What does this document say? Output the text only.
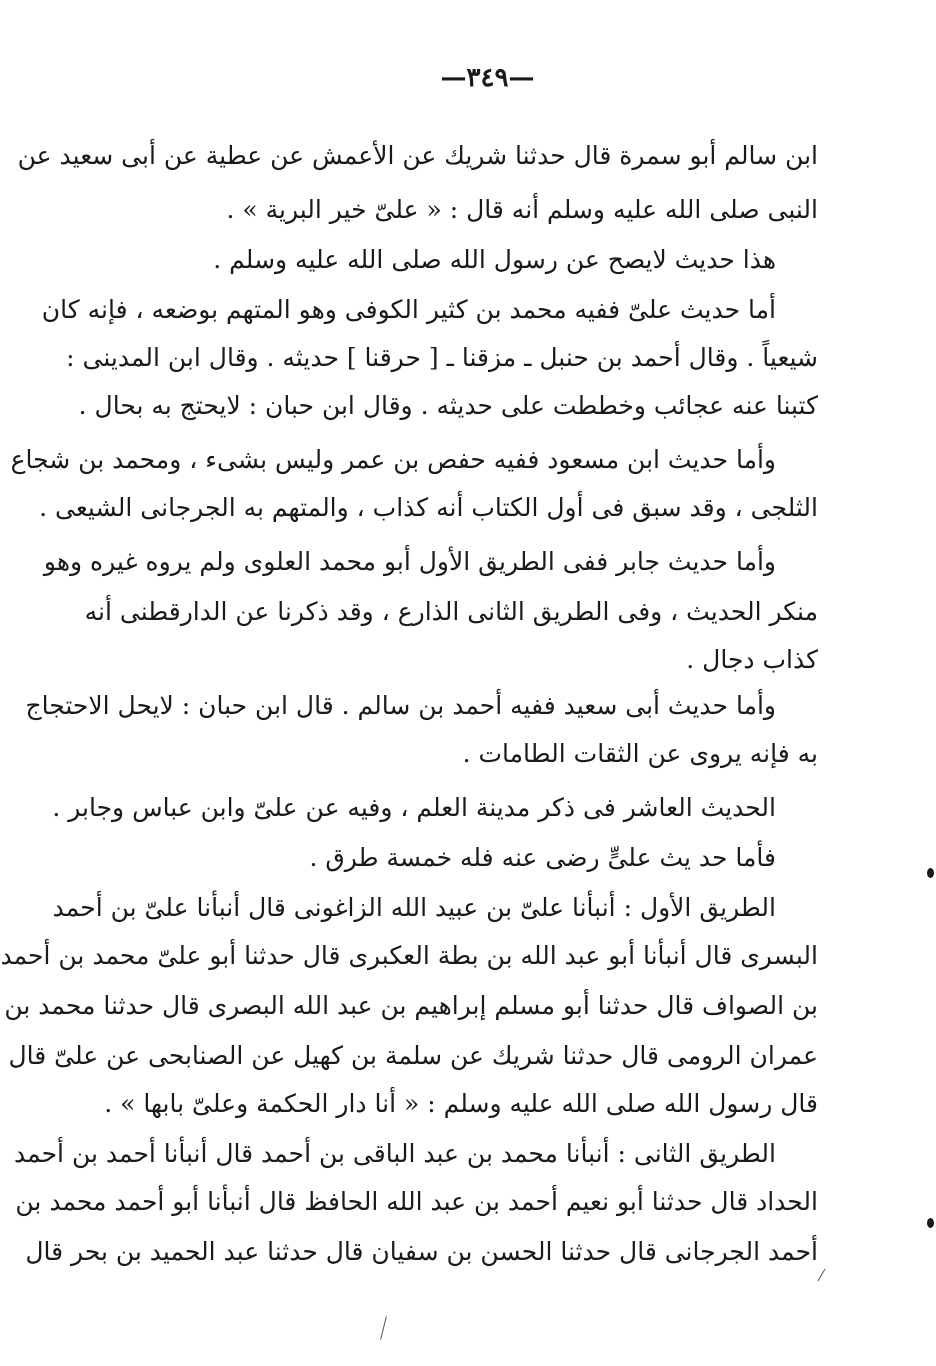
—٣٤٩—
ابن سالم أبو سمرة قال حدثنا شريك عن الأعمش عن عطية عن أبى سعيد عن
النبى صلى الله عليه وسلم أنه قال : « علىّ خير البرية » .
هذا حديث لايصح عن رسول الله صلى الله عليه وسلم .
أما حديث علىّ ففيه محمد بن كثير الكوفى وهو المتهم بوضعه ، فإنه كان
شيعياً . وقال أحمد بن حنبل ـ مزقنا ـ [ حرقنا ] حديثه . وقال ابن المدينى :
كتبنا عنه عجائب وخططت على حديثه . وقال ابن حبان : لايحتج به بحال .
وأما حديث ابن مسعود ففيه حفص بن عمر وليس بشىء ، ومحمد بن شجاع
الثلجى ، وقد سبق فى أول الكتاب أنه كذاب ، والمتهم به الجرجانى الشيعى .
وأما حديث جابر ففى الطريق الأول أبو محمد العلوى ولم يروه غيره وهو
منكر الحديث ، وفى الطريق الثانى الذارع ، وقد ذكرنا عن الدارقطنى أنه
كذاب دجال .
وأما حديث أبى سعيد ففيه أحمد بن سالم . قال ابن حبان : لايحل الاحتجاج
به فإنه يروى عن الثقات الطامات .
الحديث العاشر فى ذكر مدينة العلم ، وفيه عن علىّ وابن عباس وجابر .
فأما حد يث علىٍّ رضى عنه فله خمسة طرق .
الطريق الأول : أنبأنا علىّ بن عبيد الله الزاغونى قال أنبأنا علىّ بن أحمد
البسرى قال أنبأنا أبو عبد الله بن بطة العكبرى قال حدثنا أبو علىّ محمد بن أحمد
بن الصواف قال حدثنا أبو مسلم إبراهيم بن عبد الله البصرى قال حدثنا محمد بن
عمران الرومى قال حدثنا شريك عن سلمة بن كهيل عن الصنابحى عن علىّ قال
قال رسول الله صلى الله عليه وسلم : « أنا دار الحكمة وعلىّ بابها » .
الطريق الثانى : أنبأنا محمد بن عبد الباقى بن أحمد قال أنبأنا أحمد بن أحمد
الحداد قال حدثنا أبو نعيم أحمد بن عبد الله الحافظ قال أنبأنا أبو أحمد محمد بن
أحمد الجرجانى قال حدثنا الحسن بن سفيان قال حدثنا عبد الحميد بن بحر قال
